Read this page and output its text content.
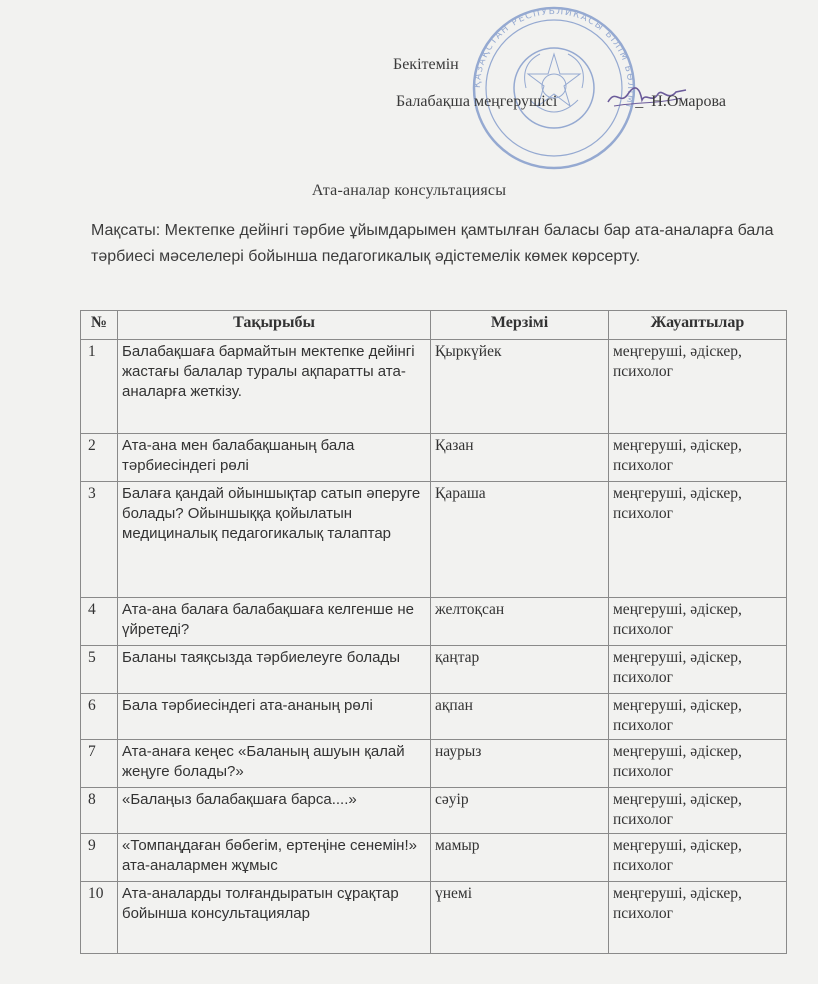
ҚАЗАҚСТАН РЕСПУБЛИКАСЫ БІЛІМ БӨЛІМІ
Бекітемін
Балабақша меңгерушісі	_ Н.Омарова
Ата-аналар консультациясы
Мақсаты: Мектепке дейінгі тәрбие ұйымдарымен қамтылған баласы бар ата-аналарға бала тәрбиесі мәселелері бойынша педагогикалық әдістемелік көмек көрсерту.
№	Тақырыбы	Мерзімі	Жауаптылар
1	Балабақшаға бармайтын мектепке дейінгі жастағы балалар туралы ақпаратты ата-аналарға жеткізу.	Қыркүйек	меңгеруші, әдіскер, психолог
2	Ата-ана мен балабақшаның бала тәрбиесіндегі рөлі	Қазан	меңгеруші, әдіскер, психолог
3	Балаға қандай ойыншықтар сатып әперуге болады? Ойыншыққа қойылатын медициналық педагогикалық талаптар	Қараша	меңгеруші, әдіскер, психолог
4	Ата-ана балаға балабақшаға келгенше не үйретеді?	желтоқсан	меңгеруші, әдіскер, психолог
5	Баланы таяқсызда тәрбиелеуге болады	қаңтар	меңгеруші, әдіскер, психолог
6	Бала тәрбиесіндегі ата-ананың рөлі	ақпан	меңгеруші, әдіскер, психолог
7	Ата-анаға кеңес «Баланың ашуын қалай жеңуге болады?»	наурыз	меңгеруші, әдіскер, психолог
8	«Балаңыз балабақшаға барса....»	сәуір	меңгеруші, әдіскер, психолог
9	«Томпаңдаған бөбегім, ертеңіне сенемін!» ата-аналармен жұмыс	мамыр	меңгеруші, әдіскер, психолог
10	Ата-аналарды толғандыратын сұрақтар бойынша консультациялар	үнемі	меңгеруші, әдіскер, психолог
